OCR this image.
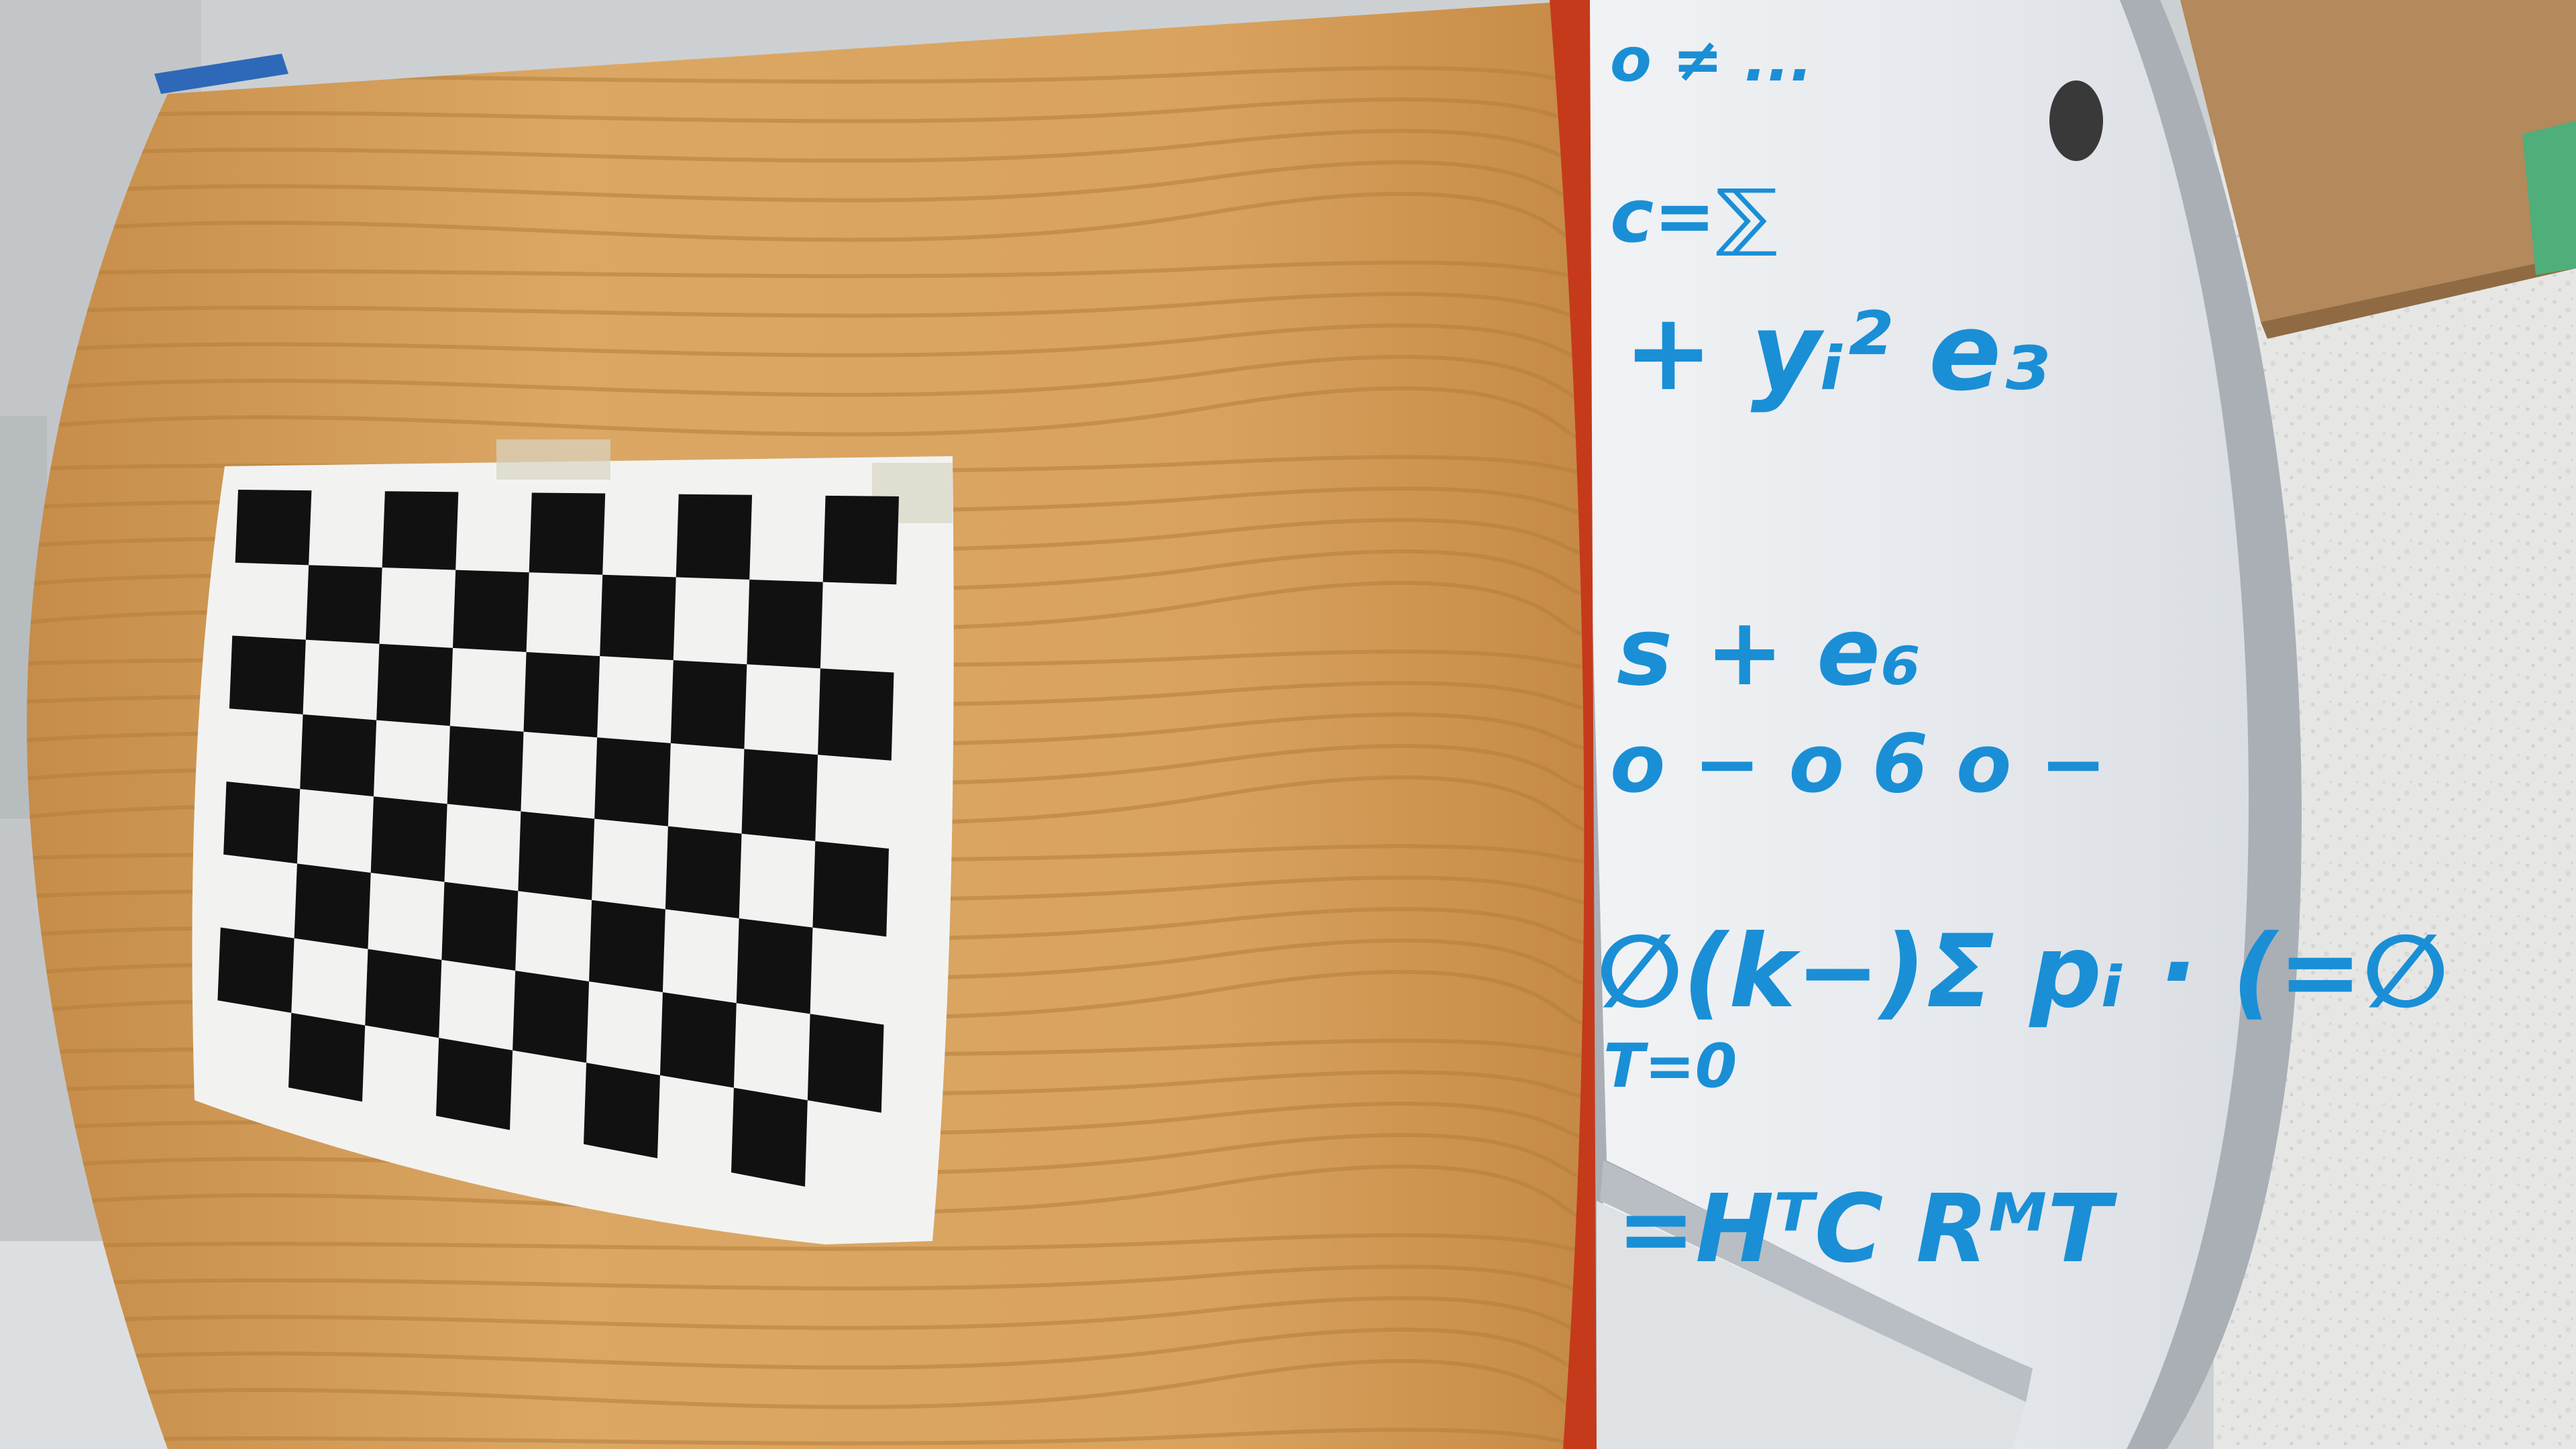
o ≠ ...
c=⅀
+ yᵢ² e₃
s + e₆
o − o 6 o −
∅(k−)Σ pᵢ · (=∅
T=0
=HᵀC RᴹT
